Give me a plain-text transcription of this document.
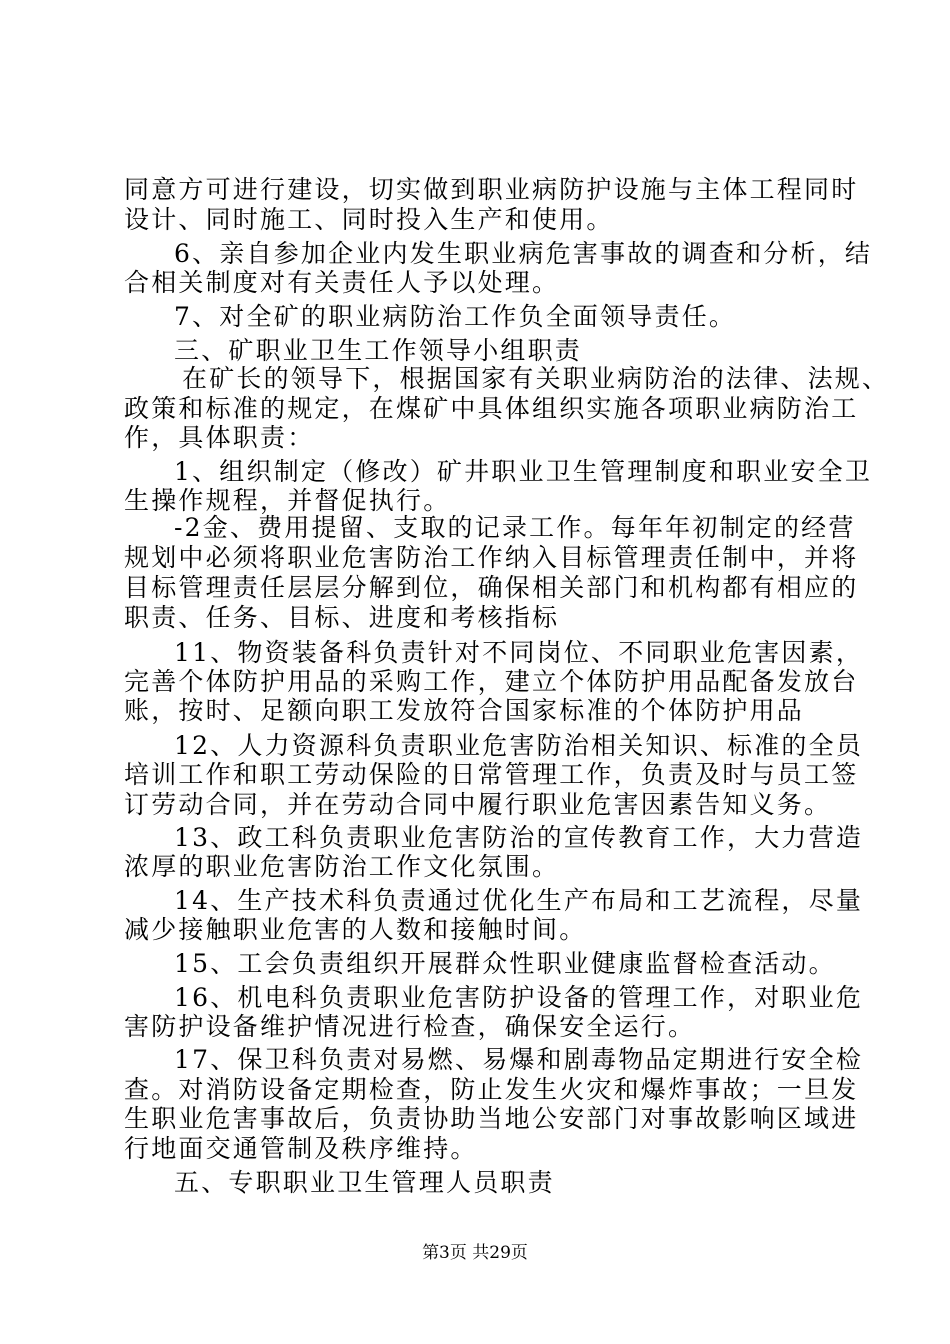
同意方可进行建设，切实做到职业病防护设施与主体工程同时
设计、同时施工、同时投入生产和使用。
6、亲自参加企业内发生职业病危害事故的调查和分析，结
合相关制度对有关责任人予以处理。
7、对全矿的职业病防治工作负全面领导责任。
三、矿职业卫生工作领导小组职责
在矿长的领导下，根据国家有关职业病防治的法律、法规、
政策和标准的规定，在煤矿中具体组织实施各项职业病防治工
作，具体职责：
1、组织制定（修改）矿井职业卫生管理制度和职业安全卫
生操作规程，并督促执行。
-2金、费用提留、支取的记录工作。每年年初制定的经营
规划中必须将职业危害防治工作纳入目标管理责任制中，并将
目标管理责任层层分解到位，确保相关部门和机构都有相应的
职责、任务、目标、进度和考核指标
11、物资装备科负责针对不同岗位、不同职业危害因素，
完善个体防护用品的采购工作，建立个体防护用品配备发放台
账，按时、足额向职工发放符合国家标准的个体防护用品
12、人力资源科负责职业危害防治相关知识、标准的全员
培训工作和职工劳动保险的日常管理工作，负责及时与员工签
订劳动合同，并在劳动合同中履行职业危害因素告知义务。
13、政工科负责职业危害防治的宣传教育工作，大力营造
浓厚的职业危害防治工作文化氛围。
14、生产技术科负责通过优化生产布局和工艺流程，尽量
减少接触职业危害的人数和接触时间。
15、工会负责组织开展群众性职业健康监督检查活动。
16、机电科负责职业危害防护设备的管理工作，对职业危
害防护设备维护情况进行检查，确保安全运行。
17、保卫科负责对易燃、易爆和剧毒物品定期进行安全检
查。对消防设备定期检查，防止发生火灾和爆炸事故；一旦发
生职业危害事故后，负责协助当地公安部门对事故影响区域进
行地面交通管制及秩序维持。
五、专职职业卫生管理人员职责
第3页 共29页
